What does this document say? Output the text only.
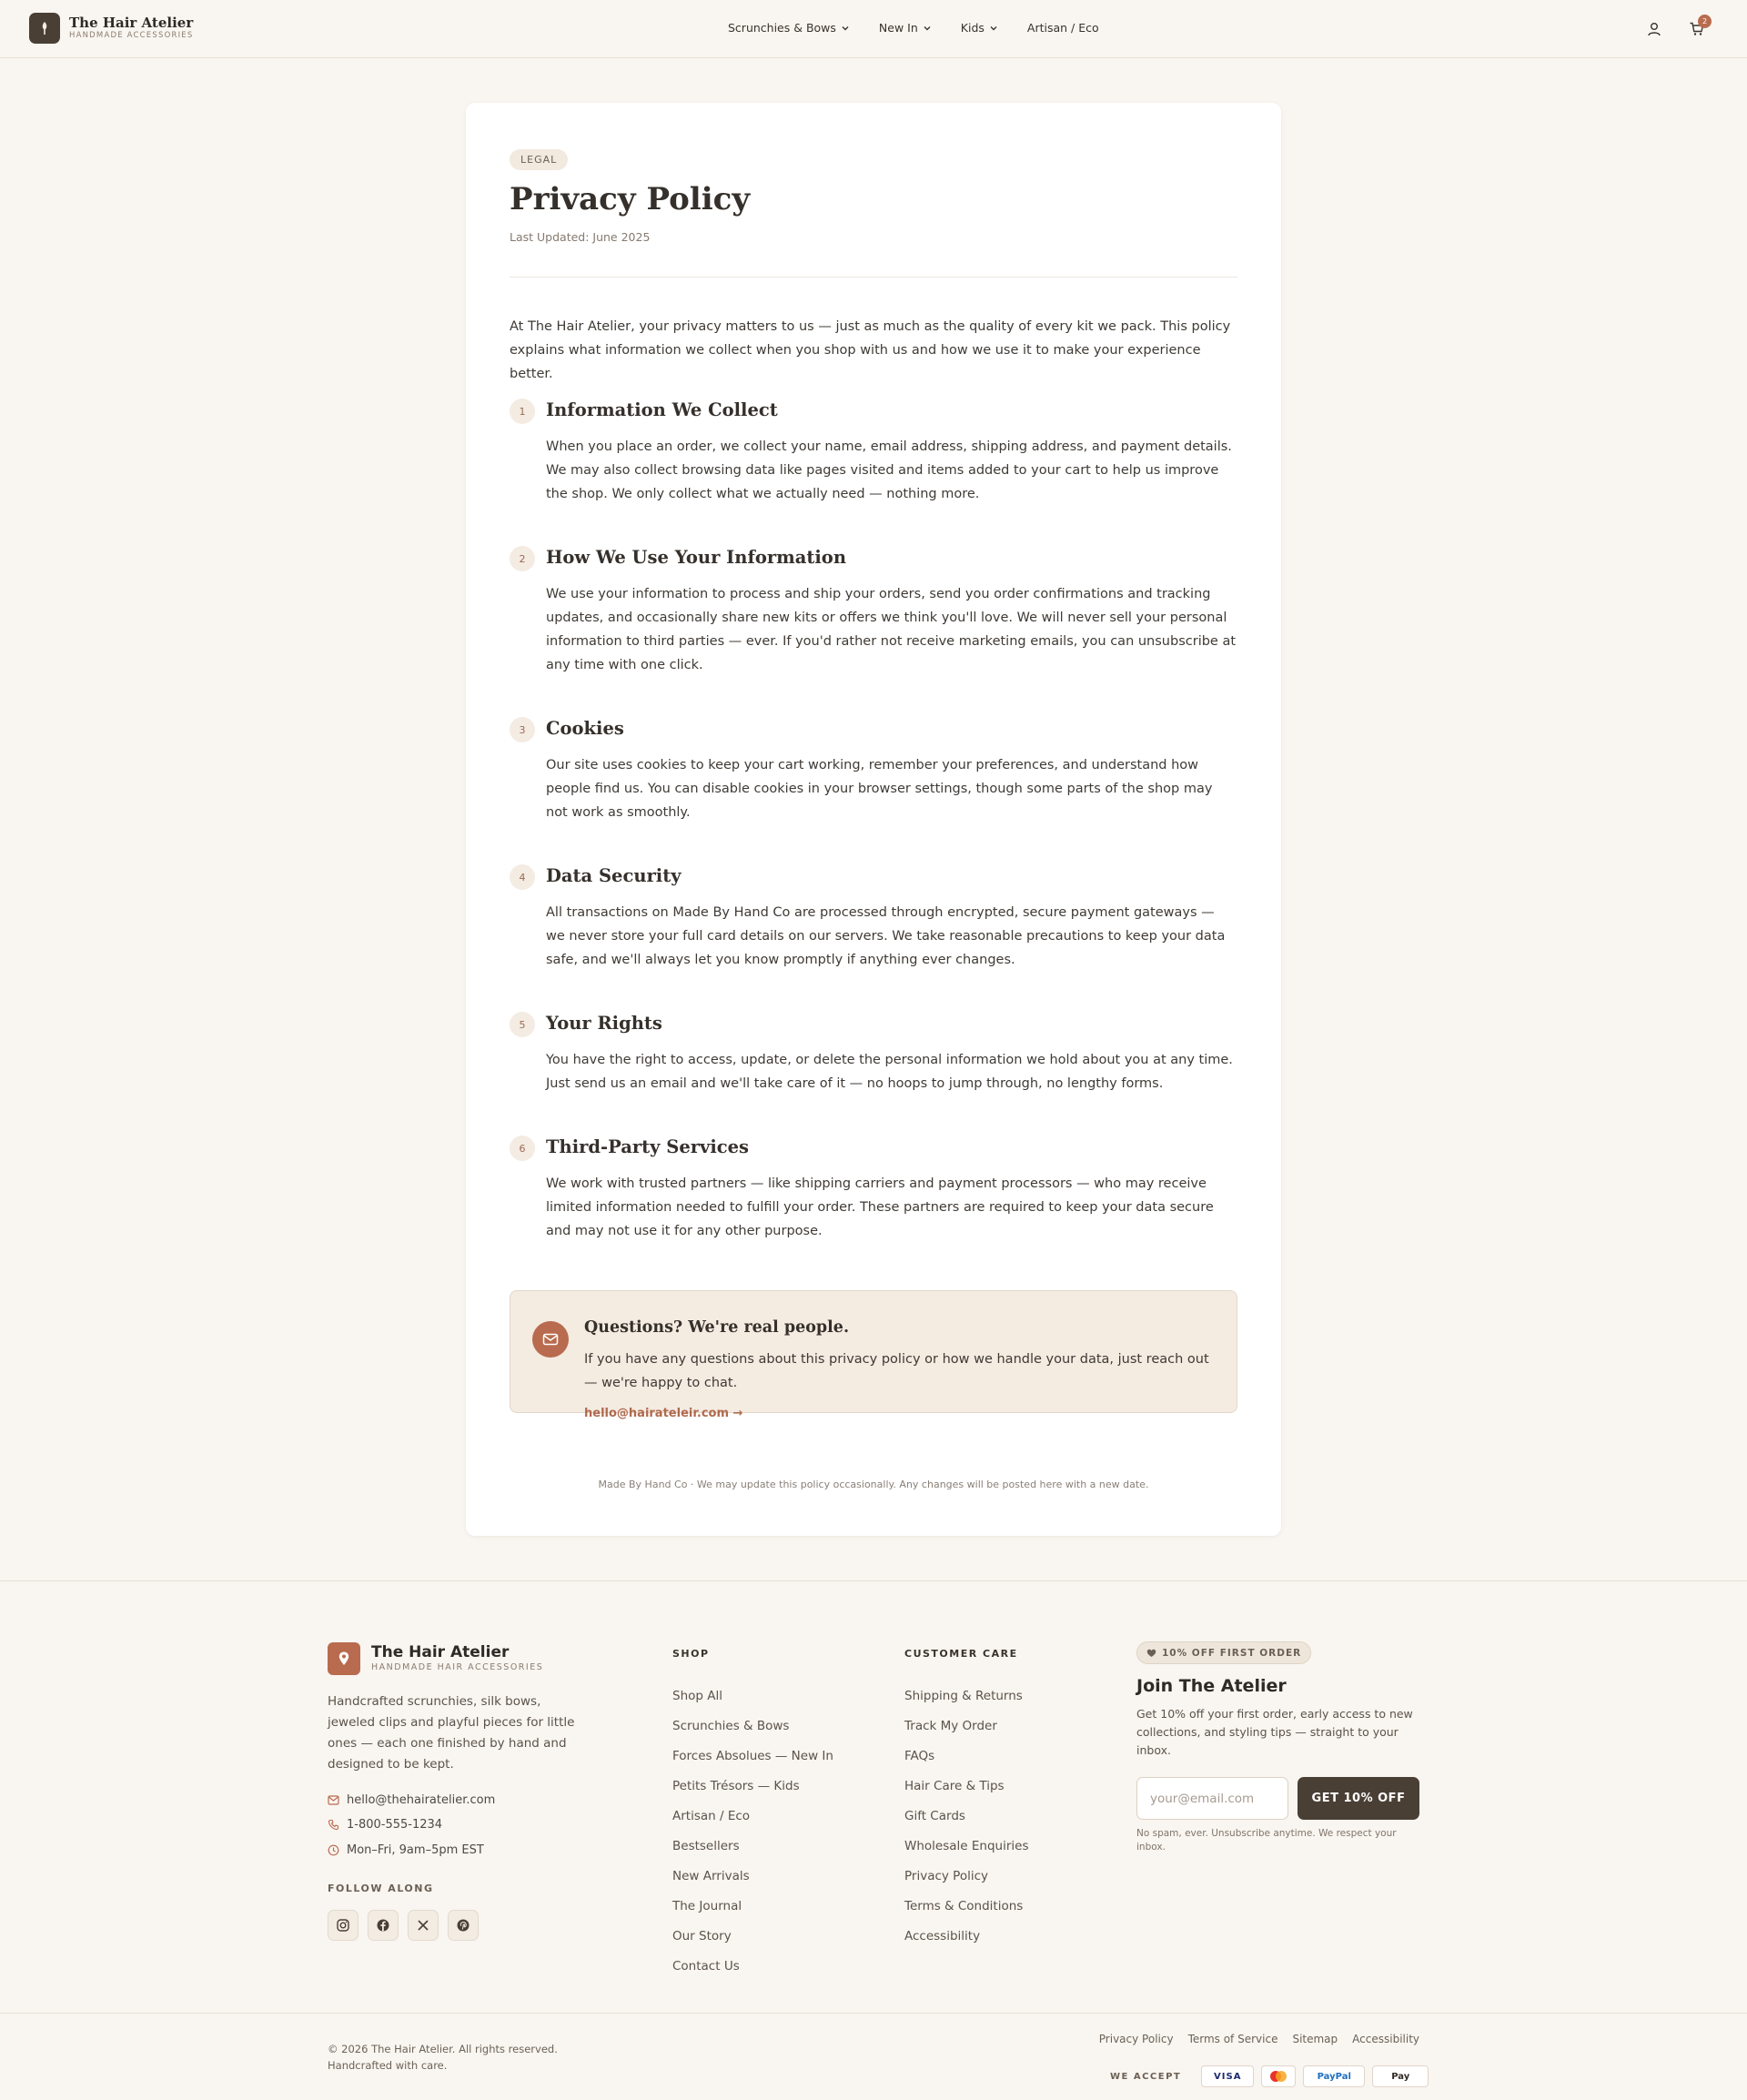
The Hair Atelier
HANDMADE ACCESSORIES
Scrunchies & Bows	New In	Kids	Artisan / Eco	2
LEGAL
Privacy Policy
Last Updated: June 2025

At The Hair Atelier, your privacy matters to us — just as much as the quality of every kit we pack. This policy explains what information we collect when you shop with us and how we use it to make your experience better.

1	Information We Collect

When you place an order, we collect your name, email address, shipping address, and payment details. We may also collect browsing data like pages visited and items added to your cart to help us improve the shop. We only collect what we actually need — nothing more.

2	How We Use Your Information

We use your information to process and ship your orders, send you order confirmations and tracking updates, and occasionally share new kits or offers we think you'll love. We will never sell your personal information to third parties — ever. If you'd rather not receive marketing emails, you can unsubscribe at any time with one click.

3	Cookies

Our site uses cookies to keep your cart working, remember your preferences, and understand how people find us. You can disable cookies in your browser settings, though some parts of the shop may not work as smoothly.

4	Data Security

All transactions on Made By Hand Co are processed through encrypted, secure payment gateways — we never store your full card details on our servers. We take reasonable precautions to keep your data safe, and we'll always let you know promptly if anything ever changes.

5	Your Rights

You have the right to access, update, or delete the personal information we hold about you at any time. Just send us an email and we'll take care of it — no hoops to jump through, no lengthy forms.

6	Third-Party Services

We work with trusted partners — like shipping carriers and payment processors — who may receive limited information needed to fulfill your order. These partners are required to keep your data secure and may not use it for any other purpose.

Questions? We're real people.

If you have any questions about this privacy policy or how we handle your data, just reach out — we're happy to chat.

hello@hairateleir.com →
Made By Hand Co · We may update this policy occasionally. Any changes will be posted here with a new date.
The Hair Atelier
HANDMADE HAIR ACCESSORIES

Handcrafted scrunchies, silk bows, jeweled clips and playful pieces for little ones — each one finished by hand and designed to be kept.

hello@thehairatelier.com
1-800-555-1234
Mon–Fri, 9am–5pm EST
FOLLOW ALONG
SHOP
Shop All
Scrunchies & Bows
Forces Absolues — New In
Petits Trésors — Kids
Artisan / Eco
Bestsellers
New Arrivals
The Journal
Our Story
Contact Us
CUSTOMER CARE
Shipping & Returns
Track My Order
FAQs
Hair Care & Tips
Gift Cards
Wholesale Enquiries
Privacy Policy
Terms & Conditions
Accessibility
10% OFF FIRST ORDER
Join The Atelier

Get 10% off your first order, early access to new collections, and styling tips — straight to your inbox.

your@email.com
GET 10% OFF

No spam, ever. Unsubscribe anytime. We respect your inbox.

© 2026 The Hair Atelier. All rights reserved.
Handcrafted with care.
Privacy Policy Terms of Service Sitemap Accessibility
WE ACCEPT	VISA	PayPal	Pay
